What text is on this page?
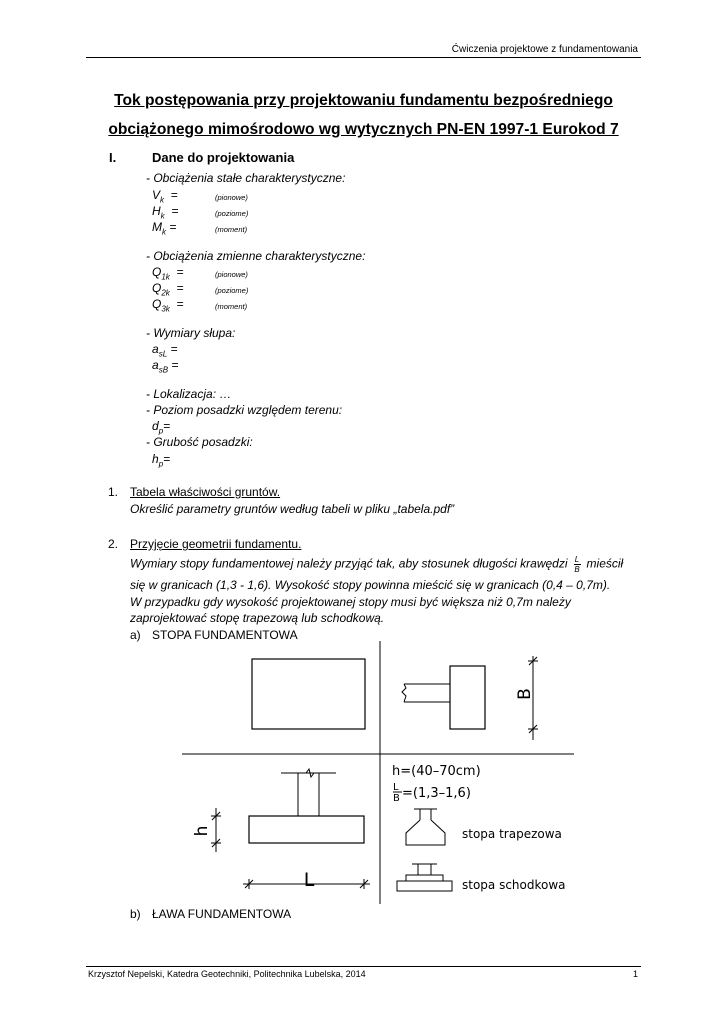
Ćwiczenia projektowe z fundamentowania
Tok postępowania przy projektowaniu fundamentu bezpośredniego
obciążonego mimośrodowo wg wytycznych PN-EN 1997-1 Eurokod 7
I.	Dane do projektowania
- Obciążenia stałe charakterystyczne:
$V_k$  =	(pionowe)
$H_k$  =	(poziome)
$M_k$ =	(moment)
- Obciążenia zmienne charakterystyczne:
$Q_{1k}$  =	(pionowe)
$Q_{2k}$  =	(poziome)
$Q_{3k}$  =	(moment)
- Wymiary słupa:
$a_{sL}$ =
$a_{sB}$ =
- Lokalizacja: …
- Poziom posadzki względem terenu:
$d_p=$
- Grubość posadzki:
$h_p=$
1. Tabela właściwości gruntów.
Określić parametry gruntów według tabeli w pliku „tabela.pdf”
2. Przyjęcie geometrii fundamentu.
Wymiary stopy fundamentowej należy przyjąć tak, aby stosunek długości krawędzi $\frac{L}{B}$ mieścił
się w granicach (1,3 - 1,6). Wysokość stopy powinna mieścić się w granicach (0,4 – 0,7m).
W przypadku gdy wysokość projektowanej stopy musi być większa niż 0,7m należy
zaprojektować stopę trapezową lub schodkową.
a) STOPA FUNDAMENTOWA
B
L
h
h=(40–70cm)
L
B =(1,3–1,6)
stopa trapezowa
stopa schodkowa
b) ŁAWA FUNDAMENTOWA
Krzysztof Nepelski, Katedra Geotechniki, Politechnika Lubelska, 2014	1
